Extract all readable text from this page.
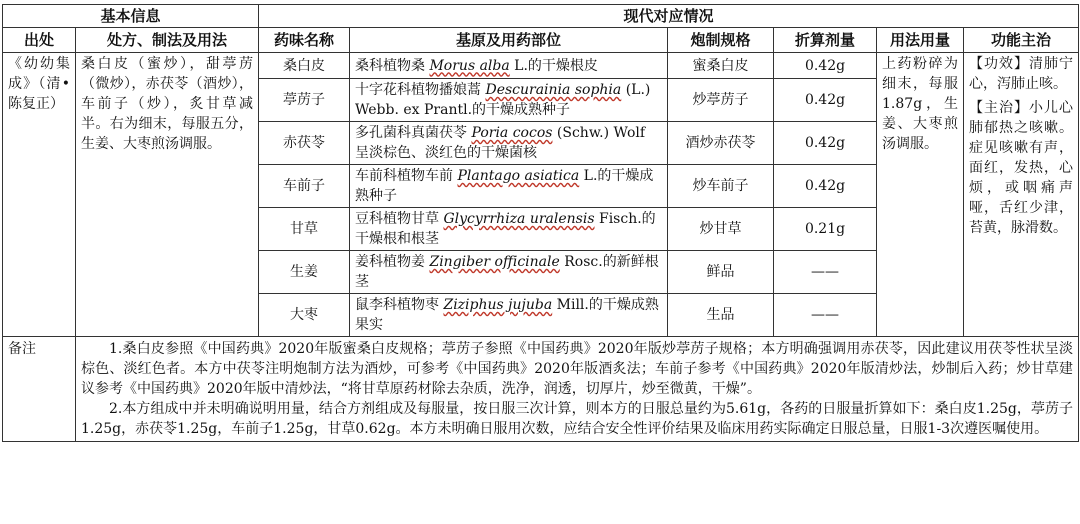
基本信息		现代对应情况					
出处	处方、制法及用法	药味名称	基原及用药部位	炮制规格	折算剂量	用法用量	功能主治
《幼幼集成》（清•陈复正）	桑白皮（蜜炒），甜葶苈（微炒），赤茯苓（酒炒），车前子（炒），炙甘草减半。右为细末，每服五分，生姜、大枣煎汤调服。	桑白皮	桑科植物桑 Morus alba L.的干燥根皮	蜜桑白皮	0.42g	上药粉碎为细末，每服1.87g，生姜、大枣煎汤调服。	【功效】清肺宁心，泻肺止咳。

【主治】小儿心肺郁热之咳嗽。症见咳嗽有声，面红，发热，心烦，或咽痛声哑，舌红少津，苔黄，脉滑数。

		葶苈子	十字花科植物播娘蒿 Descurainia sophia (L.) Webb. ex Prantl.的干燥成熟种子	炒葶苈子	0.42g		
		赤茯苓	多孔菌科真菌茯苓 Poria cocos (Schw.) Wolf 呈淡棕色、淡红色的干燥菌核	酒炒赤茯苓	0.42g		
		车前子	车前科植物车前 Plantago asiatica L.的干燥成熟种子	炒车前子	0.42g		
		甘草	豆科植物甘草 Glycyrrhiza uralensis Fisch.的干燥根和根茎	炒甘草	0.21g		
		生姜	姜科植物姜 Zingiber officinale Rosc.的新鲜根茎	鲜品	——		
		大枣	鼠李科植物枣 Ziziphus jujuba Mill.的干燥成熟果实	生品	——		
备注	1.桑白皮参照《中国药典》2020年版蜜桑白皮规格；葶苈子参照《中国药典》2020年版炒葶苈子规格；本方明确强调用赤茯苓，因此建议用茯苓性状呈淡棕色、淡红色者。本方中茯苓注明炮制方法为酒炒，可参考《中国药典》2020年版酒炙法；车前子参考《中国药典》2020年版清炒法，炒制后入药；炒甘草建议参考《中国药典》2020年版中清炒法，“将甘草原药材除去杂质，洗净，润透，切厚片，炒至微黄，干燥”。

2.本方组成中并未明确说明用量，结合方剂组成及每服量，按日服三次计算，则本方的日服总量约为5.61g，各药的日服量折算如下：桑白皮1.25g，葶苈子1.25g，赤茯苓1.25g，车前子1.25g，甘草0.62g。本方未明确日服用次数，应结合安全性评价结果及临床用药实际确定日服总量，日服1-3次遵医嘱使用。						
